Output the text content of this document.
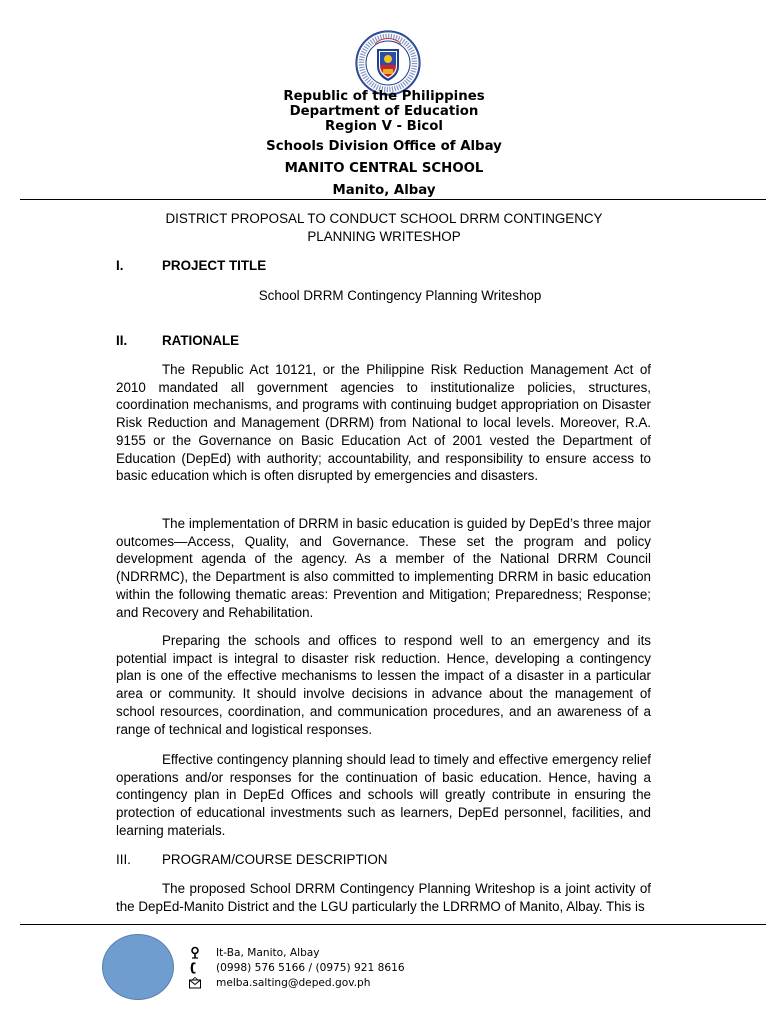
Republic of the Philippines
Department of Education
Region V - Bicol
Schools Division Office of Albay
MANITO CENTRAL SCHOOL
Manito, Albay
DISTRICT PROPOSAL TO CONDUCT SCHOOL DRRM CONTINGENCY
PLANNING WRITESHOP
I.	PROJECT TITLE
School DRRM Contingency Planning Writeshop
II.	RATIONALE

The Republic Act 10121, or the Philippine Risk Reduction Management Act of 2010 mandated all government agencies to institutionalize policies, structures, coordination mechanisms, and programs with continuing budget appropriation on Disaster Risk Reduction and Management (DRRM) from National to local levels. Moreover, R.A. 9155 or the Governance on Basic Education Act of 2001 vested the Department of Education (DepEd) with authority; accountability, and responsibility to ensure access to basic education which is often disrupted by emergencies and disasters.

The implementation of DRRM in basic education is guided by DepEd’s three major outcomes—Access, Quality, and Governance. These set the program and policy development agenda of the agency. As a member of the National DRRM Council (NDRRMC), the Department is also committed to implementing DRRM in basic education within the following thematic areas: Prevention and Mitigation; Preparedness; Response; and Recovery and Rehabilitation.

Preparing the schools and offices to respond well to an emergency and its potential impact is integral to disaster risk reduction. Hence, developing a contingency plan is one of the effective mechanisms to lessen the impact of a disaster in a particular area or community. It should involve decisions in advance about the management of school resources, coordination, and communication procedures, and an awareness of a range of technical and logistical responses.

Effective contingency planning should lead to timely and effective emergency relief operations and/or responses for the continuation of basic education. Hence, having a contingency plan in DepEd Offices and schools will greatly contribute in ensuring the protection of educational investments such as learners, DepEd personnel, facilities, and learning materials.

III. PROGRAM/COURSE DESCRIPTION

The proposed School DRRM Contingency Planning Writeshop is a joint activity of the DepEd-Manito District and the LGU particularly the LDRRMO of Manito, Albay. This is

It-Ba, Manito, Albay
(0998) 576 5166 / (0975) 921 8616
melba.salting@deped.gov.ph
